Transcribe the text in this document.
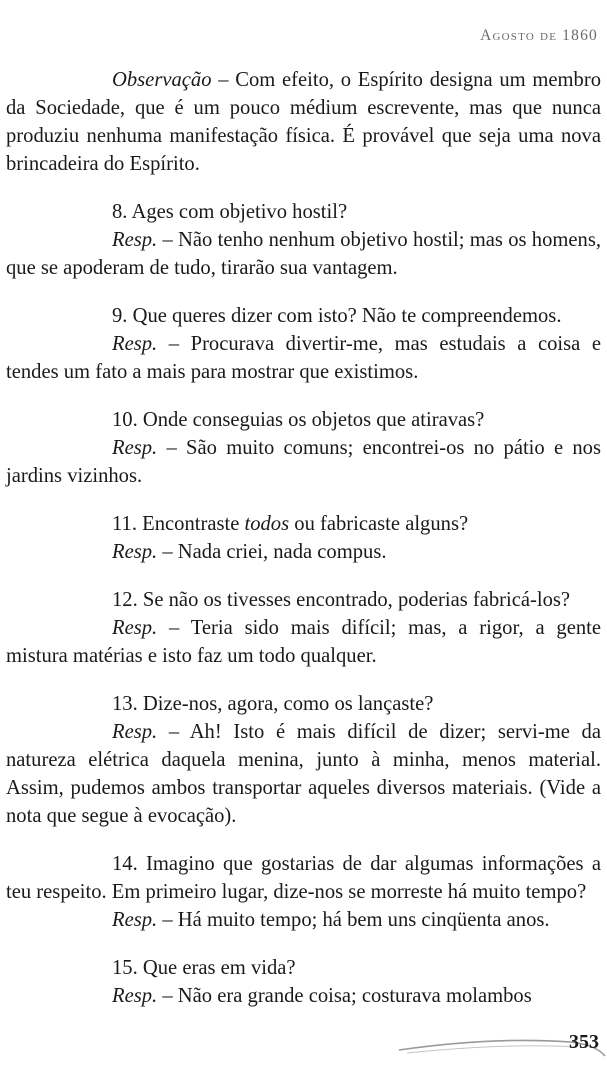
Agosto de 1860

Observação – Com efeito, o Espírito designa um membro da Sociedade, que é um pouco médium escrevente, mas que nunca produziu nenhuma manifestação física. É provável que seja uma nova brincadeira do Espírito.

8. Ages com objetivo hostil?

Resp. – Não tenho nenhum objetivo hostil; mas os homens, que se apoderam de tudo, tirarão sua vantagem.

9. Que queres dizer com isto? Não te compreendemos.

Resp. – Procurava divertir-me, mas estudais a coisa e tendes um fato a mais para mostrar que existimos.

10. Onde conseguias os objetos que atiravas?

Resp. – São muito comuns; encontrei-os no pátio e nos jardins vizinhos.

11. Encontraste todos ou fabricaste alguns?

Resp. – Nada criei, nada compus.

12. Se não os tivesses encontrado, poderias fabricá-los?

Resp. – Teria sido mais difícil; mas, a rigor, a gente mistura matérias e isto faz um todo qualquer.

13. Dize-nos, agora, como os lançaste?

Resp. – Ah! Isto é mais difícil de dizer; servi-me da natureza elétrica daquela menina, junto à minha, menos material. Assim, pudemos ambos transportar aqueles diversos materiais. (Vide a nota que segue à evocação).

14. Imagino que gostarias de dar algumas informações a teu respeito. Em primeiro lugar, dize-nos se morreste há muito tempo?

Resp. – Há muito tempo; há bem uns cinqüenta anos.

15. Que eras em vida?

Resp. – Não era grande coisa; costurava molambos

353
